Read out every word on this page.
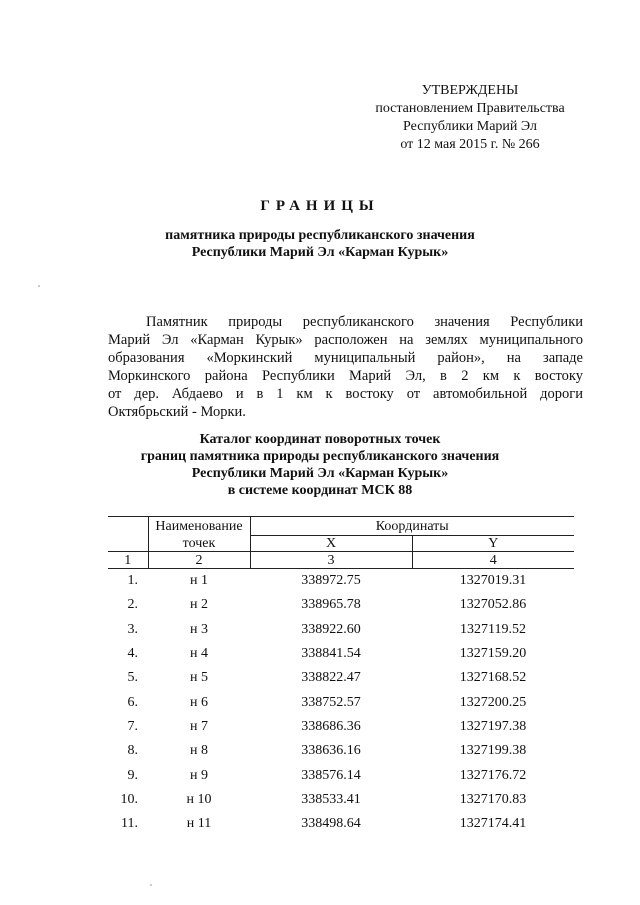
УТВЕРЖДЕНЫ
постановлением Правительства
Республики Марий Эл
от 12 мая 2015 г. № 266
ГРАНИЦЫ
памятника природы республиканского значения
Республики Марий Эл «Карман Курык»
Памятник природы республиканского значения Республики
Марий Эл «Карман Курык» расположен на землях муниципального
образования «Моркинский муниципальный район», на западе
Моркинского района Республики Марий Эл, в 2 км к востоку
от дер. Абдаево и в 1 км к востоку от автомобильной дороги
Октябрьский - Морки.
Каталог координат поворотных точек
границ памятника природы республиканского значения
Республики Марий Эл «Карман Курык»
в системе координат МСК 88
	Наименование	Координаты	
	точек	X	Y
1	2	3	4
1.	н 1	338972.75	1327019.31
2.	н 2	338965.78	1327052.86
3.	н 3	338922.60	1327119.52
4.	н 4	338841.54	1327159.20
5.	н 5	338822.47	1327168.52
6.	н 6	338752.57	1327200.25
7.	н 7	338686.36	1327197.38
8.	н 8	338636.16	1327199.38
9.	н 9	338576.14	1327176.72
10.	н 10	338533.41	1327170.83
11.	н 11	338498.64	1327174.41
